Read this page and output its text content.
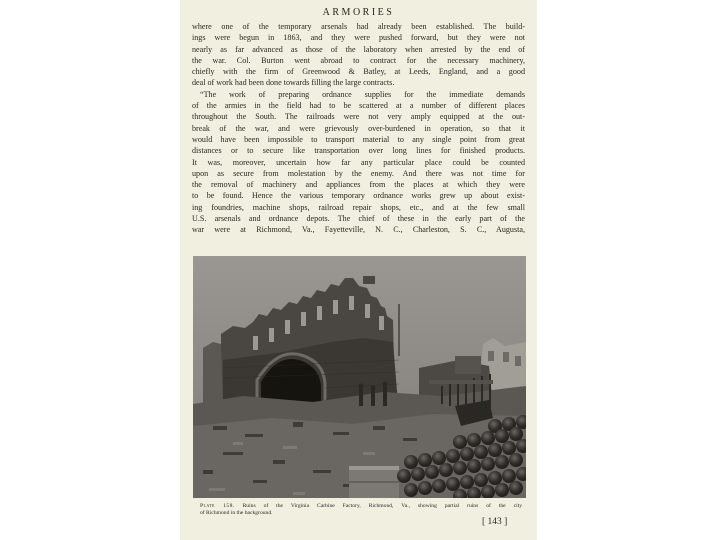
ARMORIES
where one of the temporary arsenals had already been established. The build-
ings were begun in 1863, and they were pushed forward, but they were not
nearly as far advanced as those of the laboratory when arrested by the end of
the war. Col. Burton went abroad to contract for the necessary machinery,
chiefly with the firm of Greenwood & Batley, at Leeds, England, and a good
deal of work had been done towards filling the large contracts.
“The work of preparing ordnance supplies for the immediate demands
of the armies in the field had to be scattered at a number of different places
throughout the South. The railroads were not very amply equipped at the out-
break of the war, and were grievously over-burdened in operation, so that it
would have been impossible to transport material to any single point from great
distances or to secure like transportation over long lines for finished products.
It was, moreover, uncertain how far any particular place could be counted
upon as secure from molestation by the enemy. And there was not time for
the removal of machinery and appliances from the places at which they were
to be found. Hence the various temporary ordnance works grew up about exist-
ing foundries, machine shops, railroad repair shops, etc., and at the few small
U.S. arsenals and ordnance depots. The chief of these in the early part of the
war were at Richmond, Va., Fayetteville, N. C., Charleston, S. C., Augusta,
Plate 158. Ruins of the Virginia Carbine Factory, Richmond, Va., showing partial ruins of the city
of Richmond in the background.
[ 143 ]
